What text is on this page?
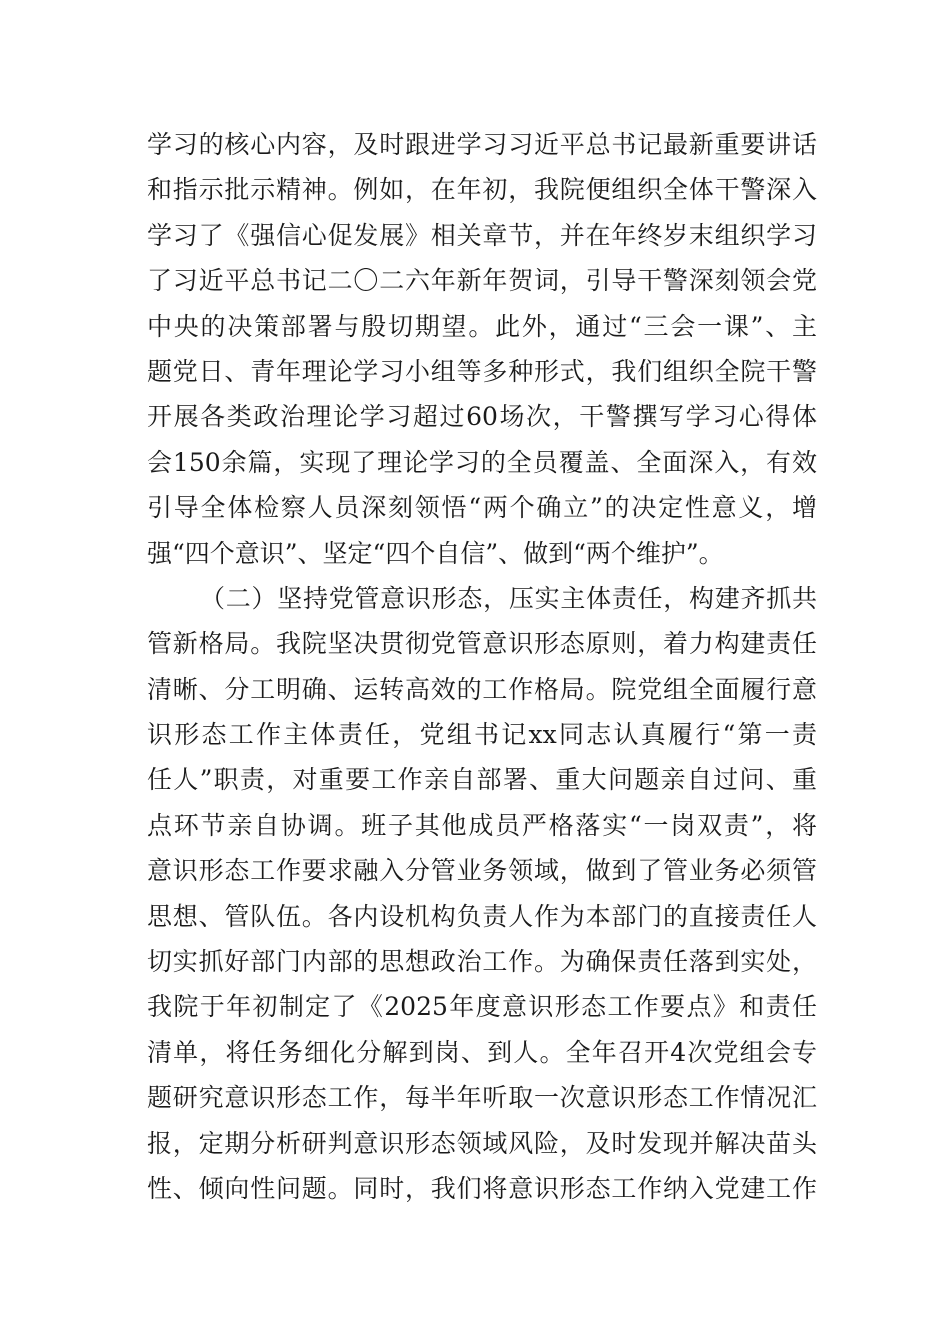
学习的核心内容，及时跟进学习习近平总书记最新重要讲话
和指示批示精神。例如，在年初，我院便组织全体干警深入
学习了《强信心促发展》相关章节，并在年终岁末组织学习
了习近平总书记二〇二六年新年贺词，引导干警深刻领会党
中央的决策部署与殷切期望。此外，通过“三会一课”、主
题党日、青年理论学习小组等多种形式，我们组织全院干警
开展各类政治理论学习超过60场次，干警撰写学习心得体
会150余篇，实现了理论学习的全员覆盖、全面深入，有效
引导全体检察人员深刻领悟“两个确立”的决定性意义，增
强“四个意识”、坚定“四个自信”、做到“两个维护”。
（二）坚持党管意识形态，压实主体责任，构建齐抓共
管新格局。我院坚决贯彻党管意识形态原则，着力构建责任
清晰、分工明确、运转高效的工作格局。院党组全面履行意
识形态工作主体责任，党组书记xx同志认真履行“第一责
任人”职责，对重要工作亲自部署、重大问题亲自过问、重
点环节亲自协调。班子其他成员严格落实“一岗双责”，将
意识形态工作要求融入分管业务领域，做到了管业务必须管
思想、管队伍。各内设机构负责人作为本部门的直接责任人
切实抓好部门内部的思想政治工作。为确保责任落到实处，
我院于年初制定了《2025年度意识形态工作要点》和责任
清单，将任务细化分解到岗、到人。全年召开4次党组会专
题研究意识形态工作，每半年听取一次意识形态工作情况汇
报，定期分析研判意识形态领域风险，及时发现并解决苗头
性、倾向性问题。同时，我们将意识形态工作纳入党建工作
